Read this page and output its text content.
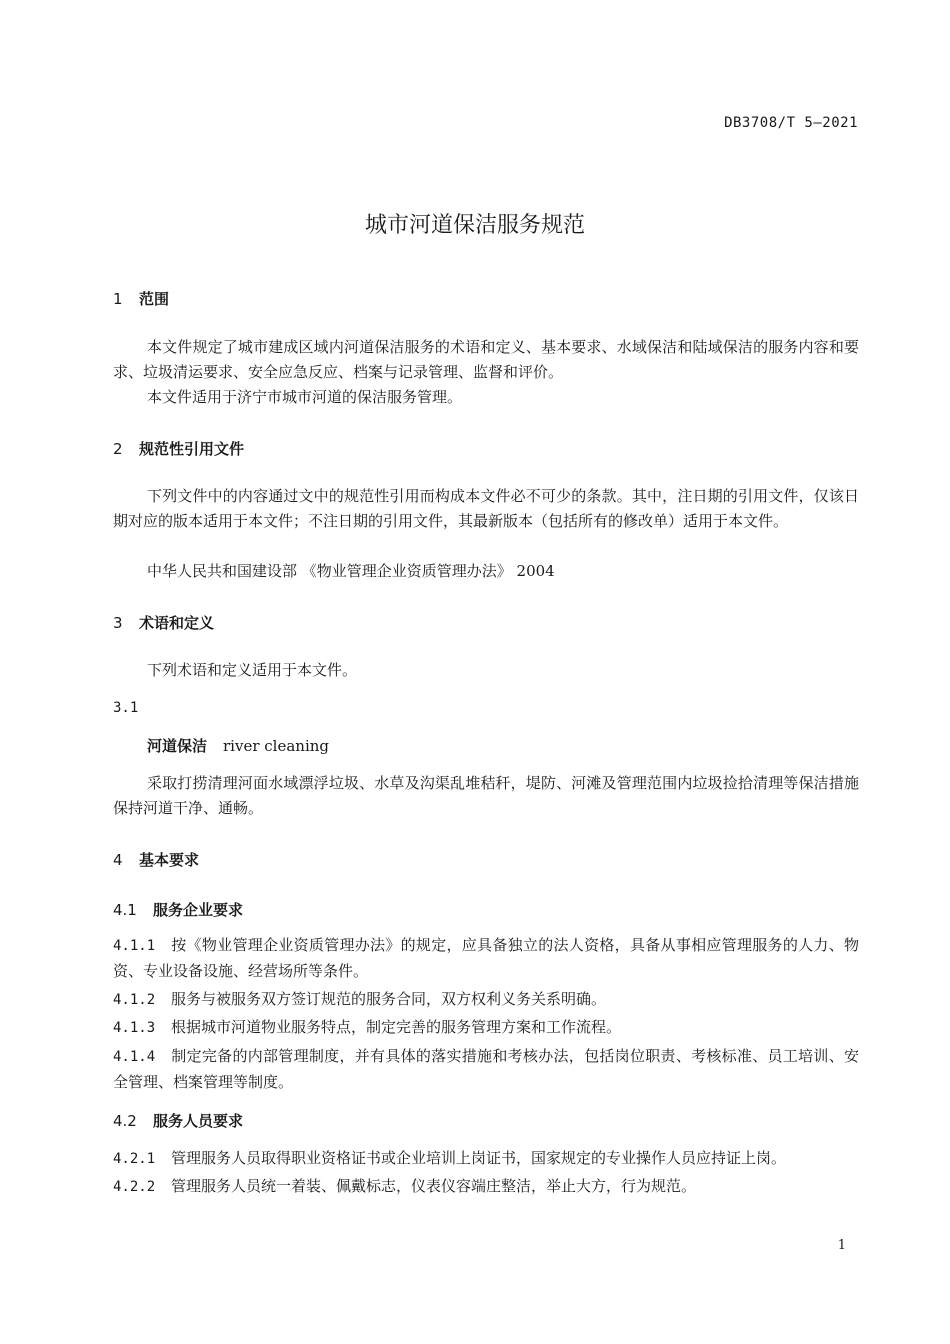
DB3708/T 5—2021
城市河道保洁服务规范
1 范围
本文件规定了城市建成区域内河道保洁服务的术语和定义、基本要求、水域保洁和陆域保洁的服务内容和要求、垃圾清运要求、安全应急反应、档案与记录管理、监督和评价。
本文件适用于济宁市城市河道的保洁服务管理。
2 规范性引用文件
下列文件中的内容通过文中的规范性引用而构成本文件必不可少的条款。其中，注日期的引用文件，仅该日期对应的版本适用于本文件；不注日期的引用文件，其最新版本（包括所有的修改单）适用于本文件。
中华人民共和国建设部 《物业管理企业资质管理办法》 2004
3 术语和定义
下列术语和定义适用于本文件。
3.1
河道保洁 river cleaning
采取打捞清理河面水域漂浮垃圾、水草及沟渠乱堆秸秆，堤防、河滩及管理范围内垃圾捡拾清理等保洁措施保持河道干净、通畅。
4 基本要求
4.1 服务企业要求
4.1.1 按《物业管理企业资质管理办法》的规定，应具备独立的法人资格，具备从事相应管理服务的人力、物资、专业设备设施、经营场所等条件。
4.1.2 服务与被服务双方签订规范的服务合同，双方权利义务关系明确。
4.1.3 根据城市河道物业服务特点，制定完善的服务管理方案和工作流程。
4.1.4 制定完备的内部管理制度，并有具体的落实措施和考核办法，包括岗位职责、考核标准、员工培训、安全管理、档案管理等制度。
4.2 服务人员要求
4.2.1 管理服务人员取得职业资格证书或企业培训上岗证书，国家规定的专业操作人员应持证上岗。
4.2.2 管理服务人员统一着装、佩戴标志，仪表仪容端庄整洁，举止大方，行为规范。
1
